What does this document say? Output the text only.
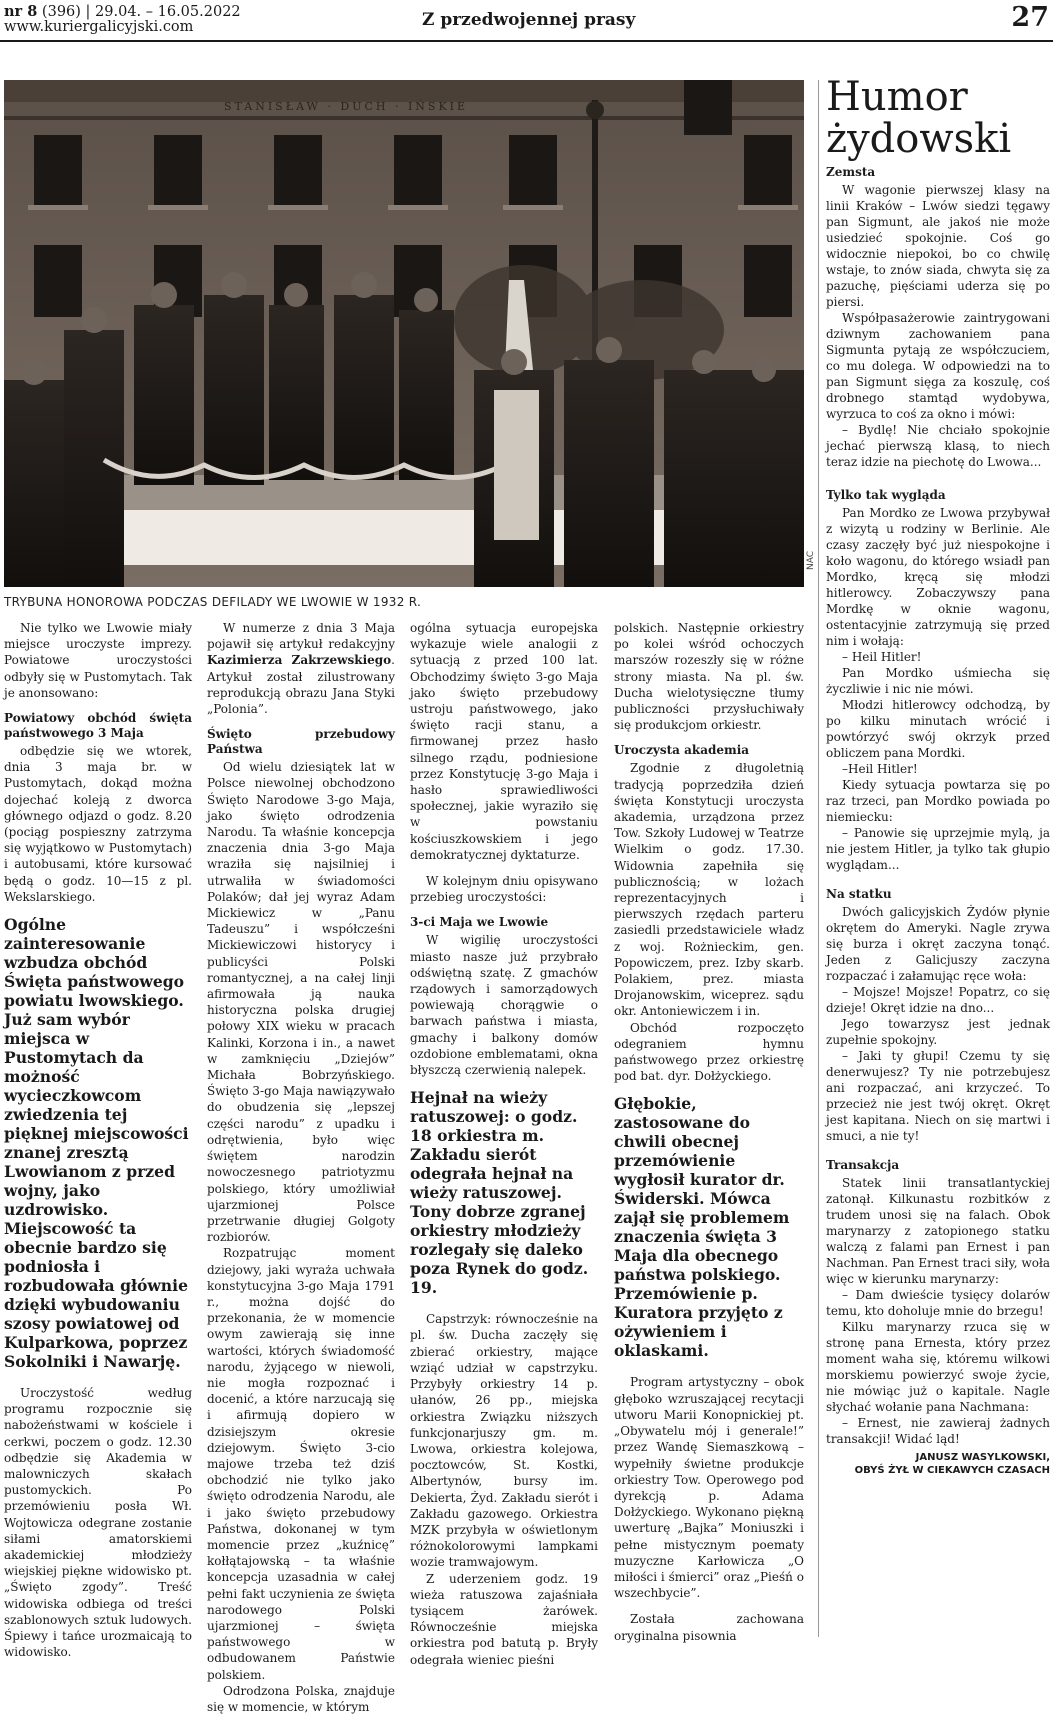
nr 8 (396) | 29.04. – 16.05.2022
www.kuriergalicyjski.com	Z przedwojennej prasy	27
STANISŁAW · DUCH · IŃSKIE
NAC
TRYBUNA HONOROWA PODCZAS DEFILADY WE LWOWIE W 1932 R.

Nie tylko we Lwowie miały miejsce uroczyste imprezy. Powiatowe uroczystości odbyły się w Pustomytach. Tak je anonsowano:

Powiatowy obchód święta państwowego 3 Maja

odbędzie się we wtorek, dnia 3 maja br. w Pustomytach, dokąd można dojechać koleją z dworca głównego odjazd o godz. 8.20 (pociąg pospieszny zatrzyma się wyjątkowo w Pustomytach) i autobusami, które kursować będą o godz. 10—15 z pl. Wekslarskiego.

Ogólne zainteresowanie wzbudza obchód Święta państwowego powiatu lwowskiego. Już sam wybór miejsca w Pustomytach da możność wycieczkowcom zwiedzenia tej pięknej miejscowości znanej zresztą Lwowianom z przed wojny, jako uzdrowisko. Miejscowość ta obecnie bardzo się podniosła i rozbudowała głównie dzięki wybudowaniu szosy powiatowej od Kulparkowa, poprzez Sokolniki i Nawarję.

Uroczystość według programu rozpocznie się nabożeństwami w kościele i cerkwi, poczem o godz. 12.30 odbędzie się Akademia w malowniczych skałach pustomyckich. Po przemówieniu posła Wł. Wojtowicza odegrane zostanie siłami amatorskiemi akademickiej młodzieży wiejskiej piękne widowisko pt. „Święto zgody”. Treść widowiska odbiega od treści szablonowych sztuk ludowych. Śpiewy i tańce urozmaicają to widowisko.

W numerze z dnia 3 Maja pojawił się artykuł redakcyjny Kazimierza Zakrzewskiego. Artykuł został zilustrowany reprodukcją obrazu Jana Styki „Polonia”.

Święto przebudowy Państwa

Od wielu dziesiątek lat w Polsce niewolnej obchodzono Święto Narodowe 3-go Maja, jako święto odrodzenia Narodu. Ta właśnie koncepcja znaczenia dnia 3-go Maja wraziła się najsilniej i utrwaliła w świadomości Polaków; dał jej wyraz Adam Mickiewicz w „Panu Tadeuszu” i współcześni Mickiewiczowi historycy i publicyści Polski romantycznej, a na całej linji afirmowała ją nauka historyczna polska drugiej połowy XIX wieku w pracach Kalinki, Korzona i in., a nawet w zamknięciu „Dziejów” Michała Bobrzyńskiego. Święto 3-go Maja nawiązywało do obudzenia się „lepszej części narodu” z upadku i odrętwienia, było więc świętem narodzin nowoczesnego patriotyzmu polskiego, który umożliwiał ujarzmionej Polsce przetrwanie długiej Golgoty rozbiorów.

Rozpatrując moment dziejowy, jaki wyraża uchwała konstytucyjna 3-go Maja 1791 r., można dojść do przekonania, że w momencie owym zawierają się inne wartości, których świadomość narodu, żyjącego w niewoli, nie mogła rozpoznać i docenić, a które narzucają się i afirmują dopiero w dzisiejszym okresie dziejowym. Święto 3-cio majowe trzeba też dziś obchodzić nie tylko jako święto odrodzenia Narodu, ale i jako święto przebudowy Państwa, dokonanej w tym momencie przez „kuźnicę” kołłątajowską – ta właśnie koncepcja uzasadnia w całej pełni fakt uczynienia ze święta narodowego Polski ujarzmionej – święta państwowego w odbudowanem Państwie polskiem.

Odrodzona Polska, znajduje się w momencie, w którym

ogólna sytuacja europejska wykazuje wiele analogii z sytuacją z przed 100 lat. Obchodzimy święto 3-go Maja jako święto przebudowy ustroju państwowego, jako święto racji stanu, a firmowanej przez hasło silnego rządu, podniesione przez Konstytucję 3-go Maja i hasło sprawiedliwości społecznej, jakie wyraziło się w powstaniu kościuszkowskiem i jego demokratycznej dyktaturze.

W kolejnym dniu opisywano przebieg uroczystości:

3-ci Maja we Lwowie

W wigilię uroczystości miasto nasze już przybrało odświętną szatę. Z gmachów rządowych i samorządowych powiewają chorągwie o barwach państwa i miasta, gmachy i balkony domów ozdobione emblematami, okna błyszczą czerwienią nalepek.

Hejnał na wieży ratuszowej: o godz. 18 orkiestra m. Zakładu sierót odegrała hejnał na wieży ratuszowej. Tony dobrze zgranej orkiestry młodzieży rozlegały się daleko poza Rynek do godz. 19.

Capstrzyk: równocześnie na pl. św. Ducha zaczęły się zbierać orkiestry, mające wziąć udział w capstrzyku. Przybyły orkiestry 14 p. ułanów, 26 pp., miejska orkiestra Związku niższych funkcjonarjuszy gm. m. Lwowa, orkiestra kolejowa, pocztowców, St. Kostki, Albertynów, bursy im. Dekierta, Żyd. Zakładu sierót i Zakładu gazowego. Orkiestra MZK przybyła w oświetlonym różnokolorowymi lampkami wozie tramwajowym.

Z uderzeniem godz. 19 wieża ratuszowa zajaśniała tysiącem żarówek. Równocześnie miejska orkiestra pod batutą p. Bryły odegrała wieniec pieśni

polskich. Następnie orkiestry po kolei wśród ochoczych marszów rozeszły się w różne strony miasta. Na pl. św. Ducha wielotysięczne tłumy publiczności przysłuchiwały się produkcjom orkiestr.

Uroczysta akademia

Zgodnie z długoletnią tradycją poprzedziła dzień święta Konstytucji uroczysta akademia, urządzona przez Tow. Szkoły Ludowej w Teatrze Wielkim o godz. 17.30. Widownia zapełniła się publicznością; w lożach reprezentacyjnych i pierwszych rzędach parteru zasiedli przedstawiciele władz z woj. Rożnieckim, gen. Popowiczem, prez. Izby skarb. Polakiem, prez. miasta Drojanowskim, wiceprez. sądu okr. Antoniewiczem i in.

Obchód rozpoczęto odegraniem hymnu państwowego przez orkiestrę pod bat. dyr. Dołżyckiego.

Głębokie, zastosowane do chwili obecnej przemówienie wygłosił kurator dr. Świderski. Mówca zajął się problemem znaczenia święta 3 Maja dla obecnego państwa polskiego. Przemówienie p. Kuratora przyjęto z ożywieniem i oklaskami.

Program artystyczny – obok głęboko wzruszającej recytacji utworu Marii Konopnickiej pt. „Obywatelu mój i generale!” przez Wandę Siemaszkową – wypełniły świetne produkcje orkiestry Tow. Operowego pod dyrekcją p. Adama Dołżyckiego. Wykonano piękną uwerturę „Bajka” Moniuszki i pełne mistycznym poematy muzyczne Karłowicza „O miłości i śmierci” oraz „Pieśń o wszechbycie”.

Została zachowana oryginalna pisownia

Humor żydowski
Zemsta

W wagonie pierwszej klasy na linii Kraków – Lwów siedzi tęgawy pan Sigmunt, ale jakoś nie może usiedzieć spokojnie. Coś go widocznie niepokoi, bo co chwilę wstaje, to znów siada, chwyta się za pazuchę, pięściami uderza się po piersi.

Współpasażerowie zaintrygowani dziwnym zachowaniem pana Sigmunta pytają ze współczuciem, co mu dolega. W odpowiedzi na to pan Sigmunt sięga za koszulę, coś drobnego stamtąd wydobywa, wyrzuca to coś za okno i mówi:

– Bydlę! Nie chciało spokojnie jechać pierwszą klasą, to niech teraz idzie na piechotę do Lwowa...

Tylko tak wygląda

Pan Mordko ze Lwowa przybywał z wizytą u rodziny w Berlinie. Ale czasy zaczęły być już niespokojne i koło wagonu, do którego wsiadł pan Mordko, kręcą się młodzi hitlerowcy. Zobaczywszy pana Mordkę w oknie wagonu, ostentacyjnie zatrzymują się przed nim i wołają:

– Heil Hitler!

Pan Mordko uśmiecha się życzliwie i nic nie mówi.

Młodzi hitlerowcy odchodzą, by po kilku minutach wrócić i powtórzyć swój okrzyk przed obliczem pana Mordki.

–Heil Hitler!

Kiedy sytuacja powtarza się po raz trzeci, pan Mordko powiada po niemiecku:

– Panowie się uprzejmie mylą, ja nie jestem Hitler, ja tylko tak głupio wyglądam...

Na statku

Dwóch galicyjskich Żydów płynie okrętem do Ameryki. Nagle zrywa się burza i okręt zaczyna tonąć. Jeden z Galicjuszy zaczyna rozpaczać i załamując ręce woła:

– Mojsze! Mojsze! Popatrz, co się dzieje! Okręt idzie na dno...

Jego towarzysz jest jednak zupełnie spokojny.

– Jaki ty głupi! Czemu ty się denerwujesz? Ty nie potrzebujesz ani rozpaczać, ani krzyczeć. To przecież nie jest twój okręt. Okręt jest kapitana. Niech on się martwi i smuci, a nie ty!

Transakcja

Statek linii transatlantyckiej zatonął. Kilkunastu rozbitków z trudem unosi się na falach. Obok marynarzy z zatopionego statku walczą z falami pan Ernest i pan Nachman. Pan Ernest traci siły, woła więc w kierunku marynarzy:

– Dam dwieście tysięcy dolarów temu, kto doholuje mnie do brzegu!

Kilku marynarzy rzuca się w stronę pana Ernesta, który przez moment waha się, któremu wilkowi morskiemu powierzyć swoje życie, nie mówiąc już o kapitale. Nagle słychać wołanie pana Nachmana:

– Ernest, nie zawieraj żadnych transakcji! Widać ląd!

JANUSZ WASYLKOWSKI,
OBYŚ ŻYŁ W CIEKAWYCH CZASACH
